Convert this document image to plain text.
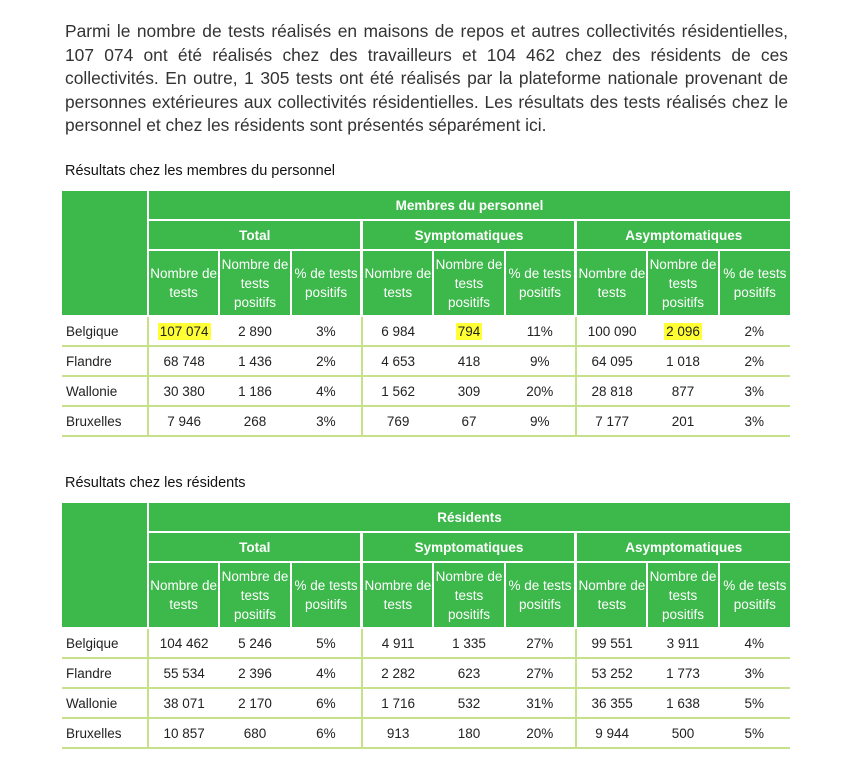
Parmi le nombre de tests réalisés en maisons de repos et autres collectivités résidentielles, 107 074 ont été réalisés chez des travailleurs et 104 462 chez des résidents de ces collectivités. En outre, 1 305 tests ont été réalisés par la plateforme nationale provenant de personnes extérieures aux collectivités résidentielles. Les résultats des tests réalisés chez le personnel et chez les résidents sont présentés séparément ici.

Résultats chez les membres du personnel
	Membres du personnel								
	Total			Symptomatiques			Asymptomatiques		
	Nombre de tests	Nombre de tests positifs	% de tests positifs	Nombre de tests	Nombre de tests positifs	% de tests positifs	Nombre de tests	Nombre de tests positifs	% de tests positifs
Belgique	107 074	2 890	3%	6 984	794	11%	100 090	2 096	2%
Flandre	68 748	1 436	2%	4 653	418	9%	64 095	1 018	2%
Wallonie	30 380	1 186	4%	1 562	309	20%	28 818	877	3%
Bruxelles	7 946	268	3%	769	67	9%	7 177	201	3%
Résultats chez les résidents
	Résidents								
	Total			Symptomatiques			Asymptomatiques		
	Nombre de tests	Nombre de tests positifs	% de tests positifs	Nombre de tests	Nombre de tests positifs	% de tests positifs	Nombre de tests	Nombre de tests positifs	% de tests positifs
Belgique	104 462	5 246	5%	4 911	1 335	27%	99 551	3 911	4%
Flandre	55 534	2 396	4%	2 282	623	27%	53 252	1 773	3%
Wallonie	38 071	2 170	6%	1 716	532	31%	36 355	1 638	5%
Bruxelles	10 857	680	6%	913	180	20%	9 944	500	5%
